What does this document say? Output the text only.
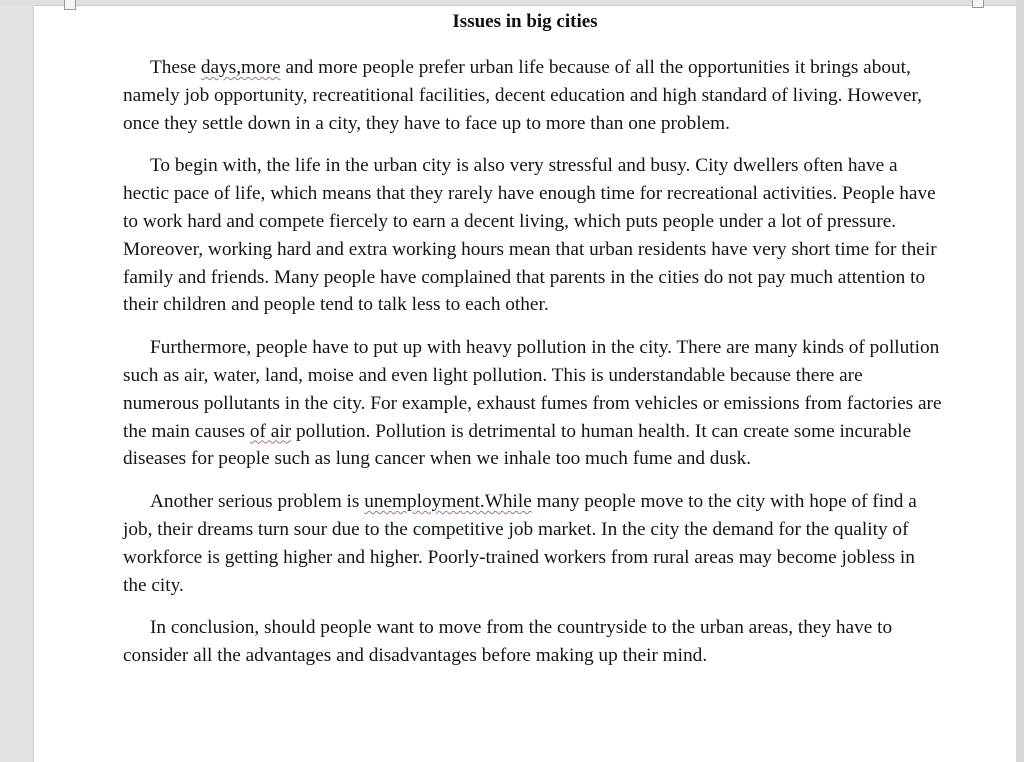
Issues in big cities

These days,more and more people prefer urban life because of all the opportunities it brings about, namely job opportunity, recreatitional facilities, decent education and high standard of living. However, once they settle down in a city, they have to face up to more than one problem.

To begin with, the life in the urban city is also very stressful and busy. City dwellers often have a hectic pace of life, which means that they rarely have enough time for recreational activities. People have to work hard and compete fiercely to earn a decent living, which puts people under a lot of pressure. Moreover, working hard and extra working hours mean that urban residents have very short time for their family and friends. Many people have complained that parents in the cities do not pay much attention to their children and people tend to talk less to each other.

Furthermore, people have to put up with heavy pollution in the city. There are many kinds of pollution such as air, water, land, moise and even light pollution. This is understandable because there are numerous pollutants in the city. For example, exhaust fumes from vehicles or emissions from factories are the main causes of air pollution. Pollution is detrimental to human health. It can create some incurable diseases for people such as lung cancer when we inhale too much fume and dusk.

Another serious problem is unemployment.While many people move to the city with hope of find a job, their dreams turn sour due to the competitive job market. In the city the demand for the quality of workforce is getting higher and higher. Poorly-trained workers from rural areas may become jobless in the city.

In conclusion, should people want to move from the countryside to the urban areas, they have to consider all the advantages and disadvantages before making up their mind.
